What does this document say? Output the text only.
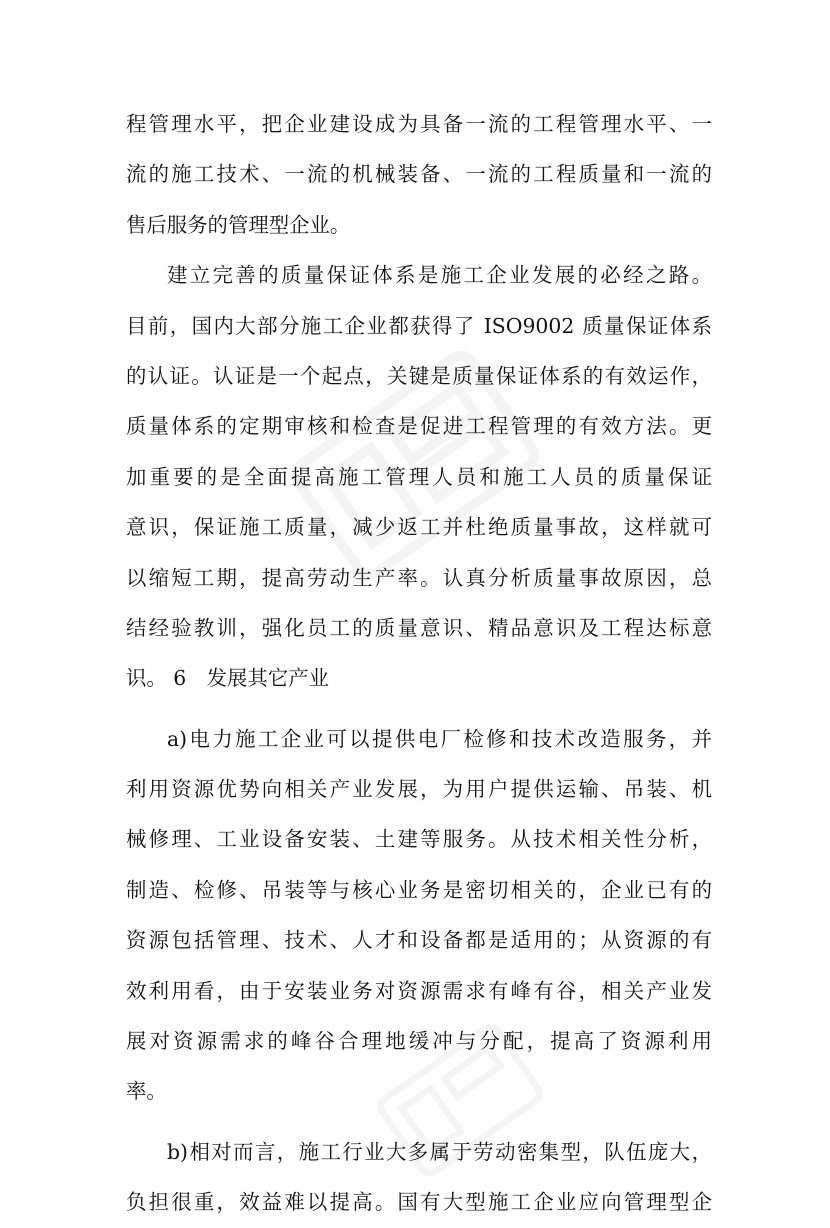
程管理水平，把企业建设成为具备一流的工程管理水平、一
流的施工技术、一流的机械装备、一流的工程质量和一流的
售后服务的管理型企业。
建立完善的质量保证体系是施工企业发展的必经之路。
目前，国内大部分施工企业都获得了 ISO9002 质量保证体系
的认证。认证是一个起点，关键是质量保证体系的有效运作，
质量体系的定期审核和检查是促进工程管理的有效方法。更
加重要的是全面提高施工管理人员和施工人员的质量保证
意识，保证施工质量，减少返工并杜绝质量事故，这样就可
以缩短工期，提高劳动生产率。认真分析质量事故原因，总
结经验教训，强化员工的质量意识、精品意识及工程达标意
识。 6　发展其它产业
a)电力施工企业可以提供电厂检修和技术改造服务，并
利用资源优势向相关产业发展，为用户提供运输、吊装、机
械修理、工业设备安装、土建等服务。从技术相关性分析，
制造、检修、吊装等与核心业务是密切相关的，企业已有的
资源包括管理、技术、人才和设备都是适用的；从资源的有
效利用看，由于安装业务对资源需求有峰有谷，相关产业发
展对资源需求的峰谷合理地缓冲与分配，提高了资源利用
率。
b)相对而言，施工行业大多属于劳动密集型，队伍庞大，
负担很重，效益难以提高。国有大型施工企业应向管理型企
